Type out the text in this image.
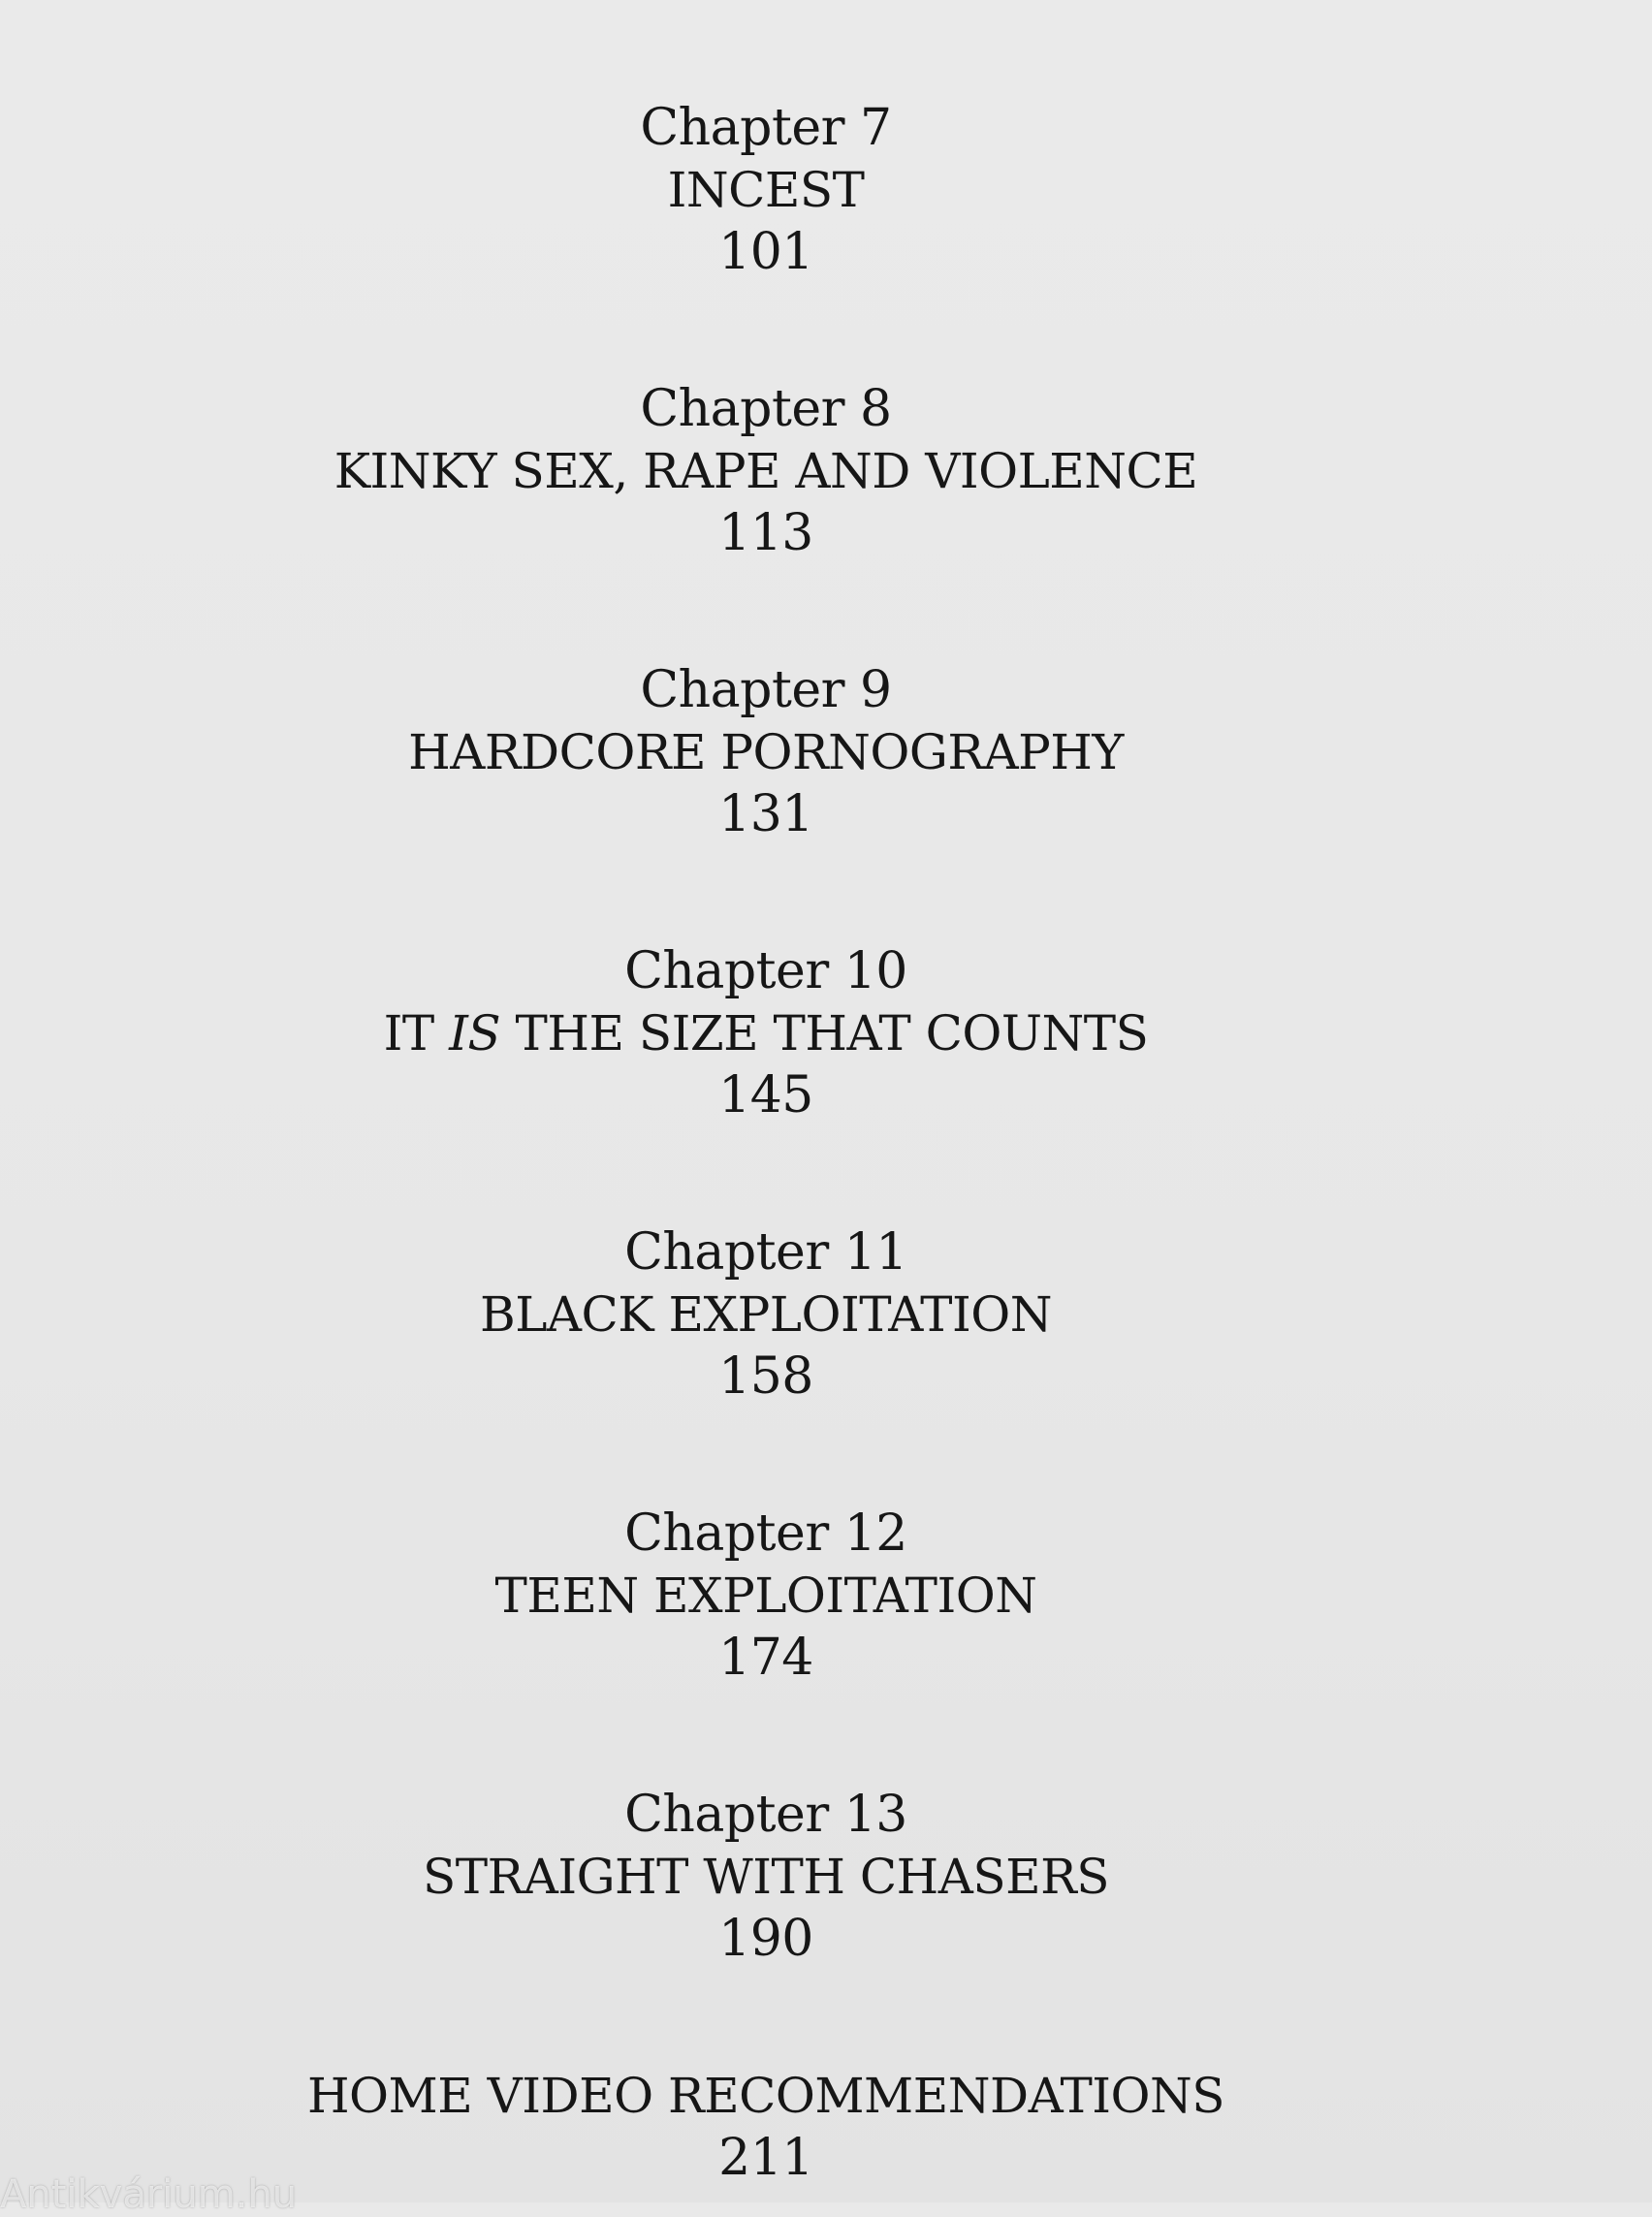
Chapter 7
INCEST
101
Chapter 8
KINKY SEX, RAPE AND VIOLENCE
113
Chapter 9
HARDCORE PORNOGRAPHY
131
Chapter 10
IT IS THE SIZE THAT COUNTS
145
Chapter 11
BLACK EXPLOITATION
158
Chapter 12
TEEN EXPLOITATION
174
Chapter 13
STRAIGHT WITH CHASERS
190
HOME VIDEO RECOMMENDATIONS
211
Antikvárium.hu
